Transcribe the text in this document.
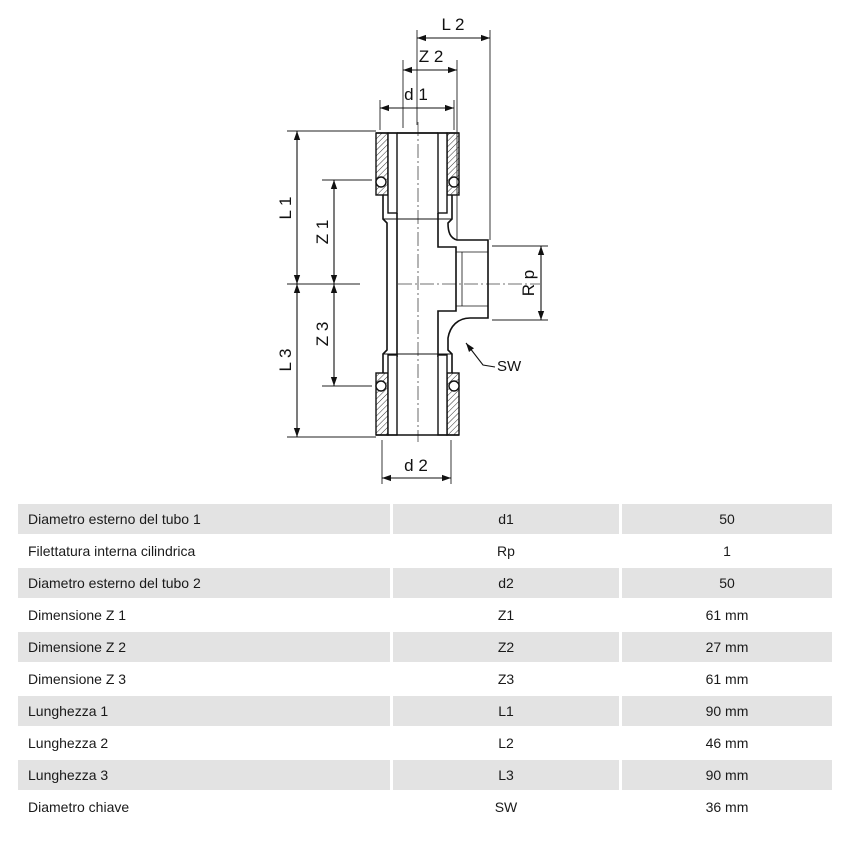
L 1
L 3
Z 1
Z 3
R p
L 2
Z 2
d 1
d 2
SW
Diametro esterno del tubo 1	d1	50
Filettatura interna cilindrica	Rp	1
Diametro esterno del tubo 2	d2	50
Dimensione Z 1	Z1	61 mm
Dimensione Z 2	Z2	27 mm
Dimensione Z 3	Z3	61 mm
Lunghezza 1	L1	90 mm
Lunghezza 2	L2	46 mm
Lunghezza 3	L3	90 mm
Diametro chiave	SW	36 mm
